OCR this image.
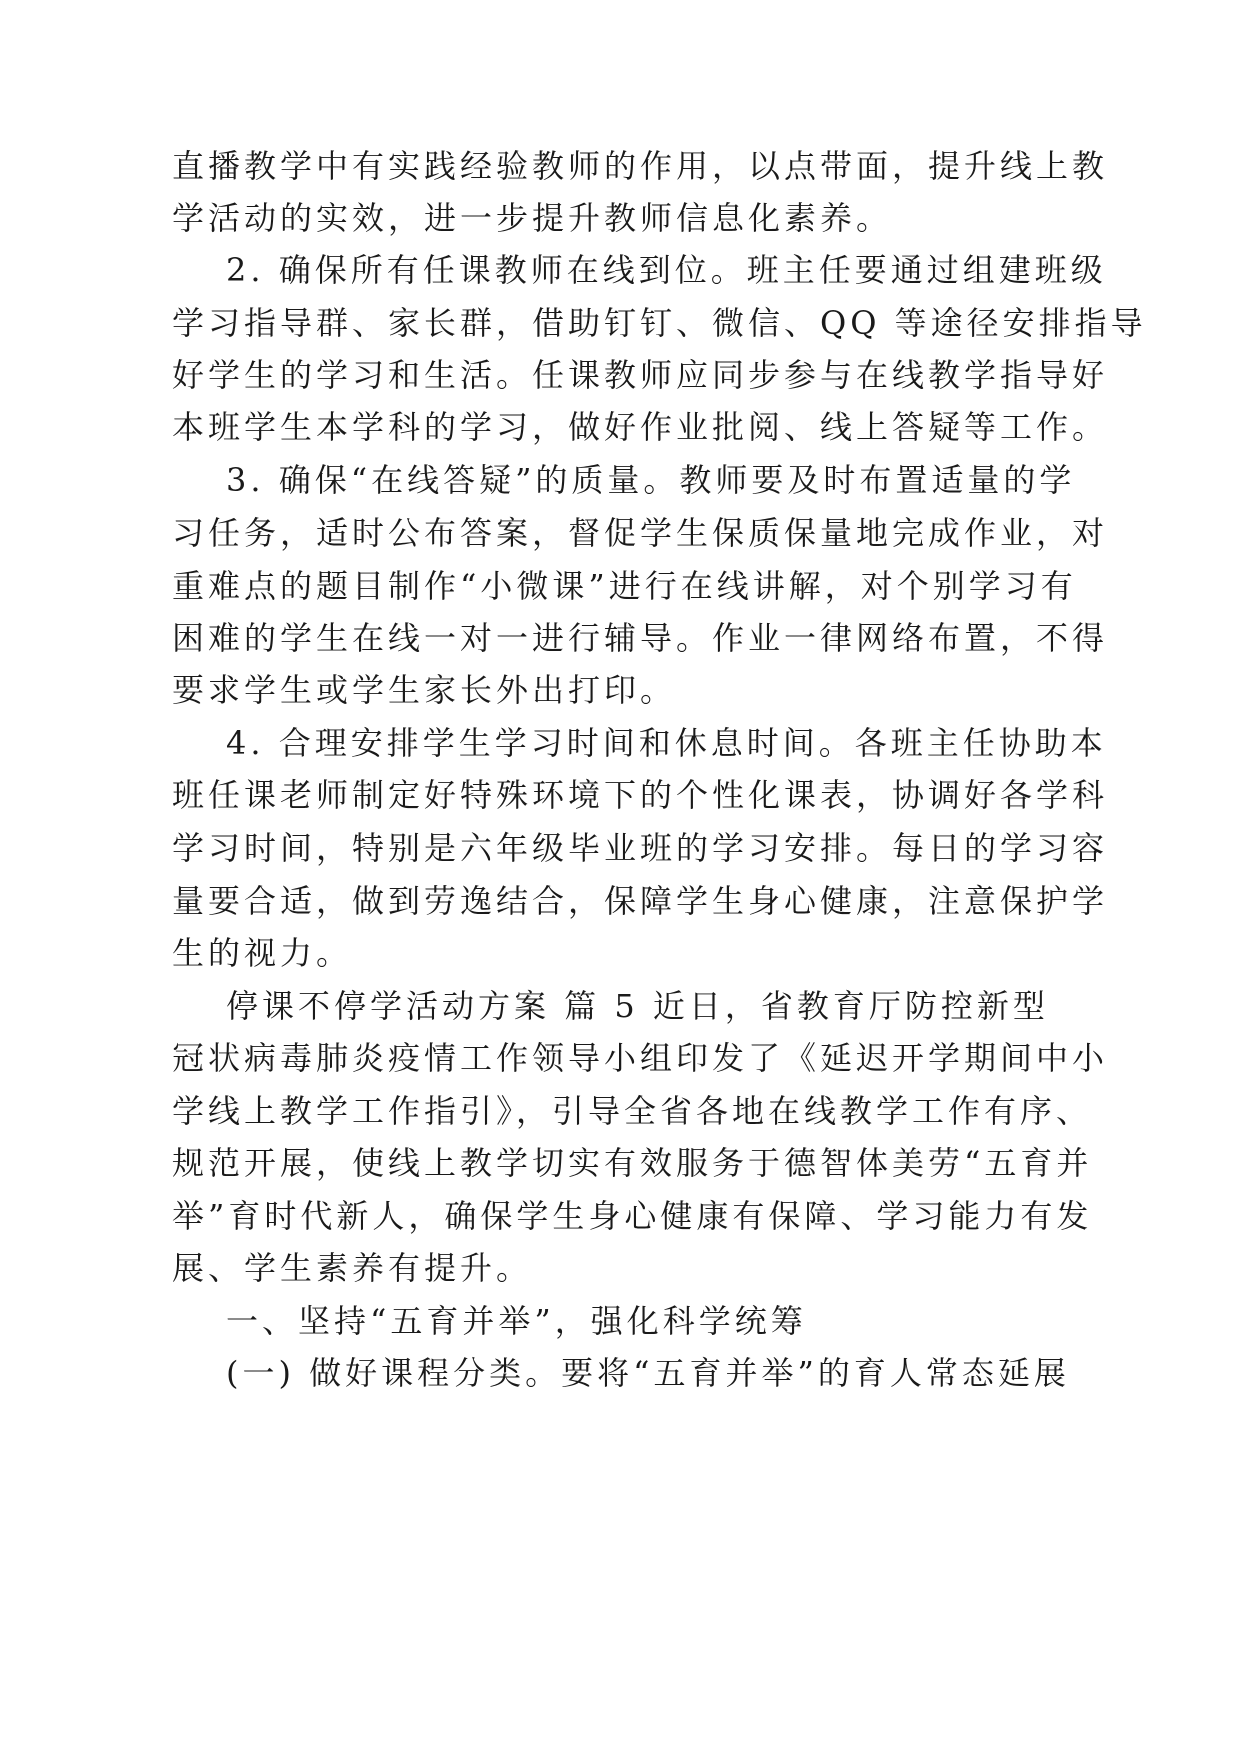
直播教学中有实践经验教师的作用，以点带面，提升线上教
学活动的实效，进一步提升教师信息化素养。
2. 确保所有任课教师在线到位。班主任要通过组建班级
学习指导群、家长群，借助钉钉、微信、QQ 等途径安排指导
好学生的学习和生活。任课教师应同步参与在线教学指导好
本班学生本学科的学习，做好作业批阅、线上答疑等工作。
3. 确保“在线答疑”的质量。教师要及时布置适量的学
习任务，适时公布答案，督促学生保质保量地完成作业，对
重难点的题目制作“小微课”进行在线讲解，对个别学习有
困难的学生在线一对一进行辅导。作业一律网络布置，不得
要求学生或学生家长外出打印。
4. 合理安排学生学习时间和休息时间。各班主任协助本
班任课老师制定好特殊环境下的个性化课表，协调好各学科
学习时间，特别是六年级毕业班的学习安排。每日的学习容
量要合适，做到劳逸结合，保障学生身心健康，注意保护学
生的视力。
停课不停学活动方案 篇 5 近日，省教育厅防控新型
冠状病毒肺炎疫情工作领导小组印发了《延迟开学期间中小
学线上教学工作指引》，引导全省各地在线教学工作有序、
规范开展，使线上教学切实有效服务于德智体美劳“五育并
举”育时代新人，确保学生身心健康有保障、学习能力有发
展、学生素养有提升。
一、坚持“五育并举”，强化科学统筹
(一) 做好课程分类。要将“五育并举”的育人常态延展
